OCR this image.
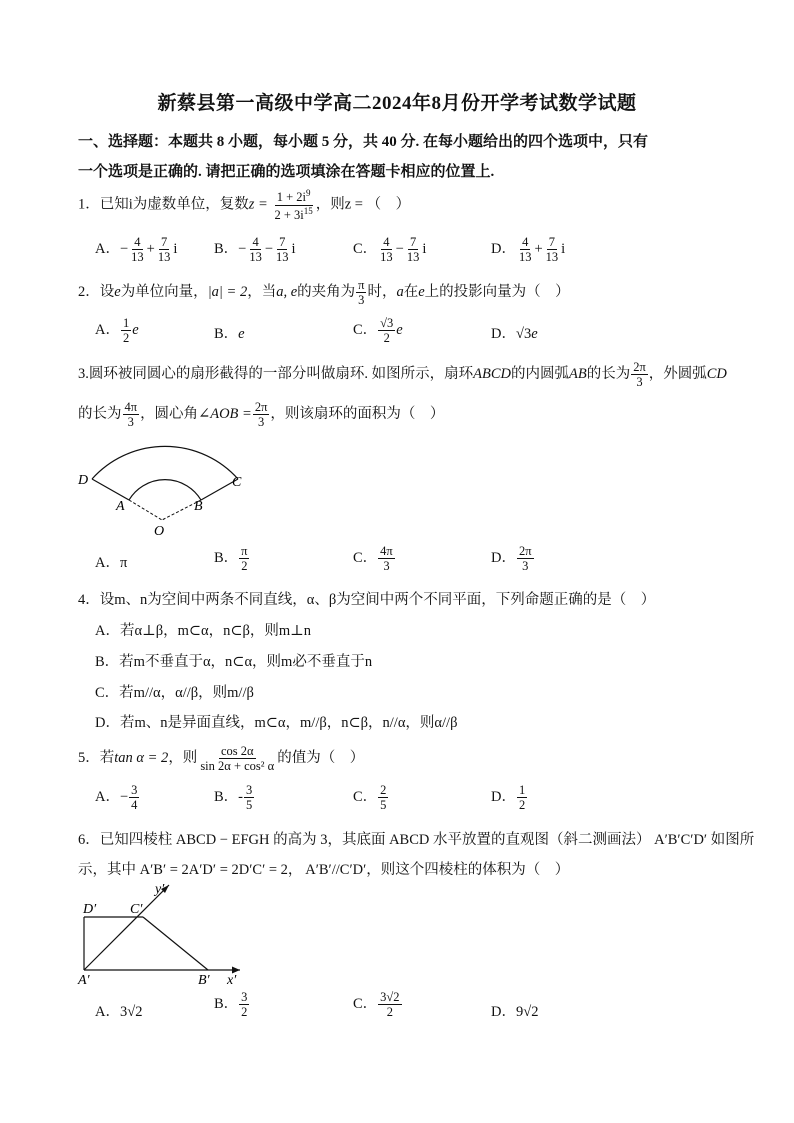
新蔡县第一高级中学高二2024年8月份开学考试数学试题
一、选择题：本题共 8 小题，每小题 5 分，共 40 分. 在每小题给出的四个选项中，只有
一个选项是正确的. 请把正确的选项填涂在答题卡相应的位置上.
1．已知i为虚数单位，复数$z = \frac{1 + 2i^9}{2 + 3i^{15}}$ ，则z = （　）
A．− $\frac{4}{13} + \frac{7}{13}$ i	B．− $\frac{4}{13} - \frac{7}{13}$ i	C． $\frac{4}{13} - \frac{7}{13}$ i	D． $\frac{4}{13} + \frac{7}{13}$ i
2．设e为单位向量，|a| = 2，当a, e的夹角为 $\frac{\pi}{3}$ 时，a在e上的投影向量为（　）
A． $\frac{1}{2}$ e	B．e	C． $\frac{√3}{2}$ e	D．√3e
3.圆环被同圆心的扇形截得的一部分叫做扇环. 如图所示，扇环ABCD的内圆弧AB的长为 $\frac{2\pi}{3}$ ，外圆弧CD
的长为 $\frac{4\pi}{3}$ ，圆心角∠AOB = $\frac{2\pi}{3}$ ，则该扇环的面积为（　）
D	C
A	B
O
A．π	B． $\frac{\pi}{2}$	C． $\frac{4\pi}{3}$	D． $\frac{2\pi}{3}$
4．设m、n为空间中两条不同直线，α、β为空间中两个不同平面，下列命题正确的是（　）
A．若α⊥β，m⊂α，n⊂β，则m⊥n
B．若m不垂直于α，n⊂α，则m必不垂直于n
C．若m//α，α//β，则m//β
D．若m、n是异面直线，m⊂α，m//β，n⊂β，n//α，则α//β
5．若tan α = 2，则 $\frac{\cos 2\alpha}{\text{sin 2α + cos² α}}$ 的值为（　）
A．− $\frac{3}{4}$	B．- $\frac{3}{5}$	C． $\frac{2}{5}$	D． $\frac{1}{2}$
6．已知四棱柱 ABCD − EFGH 的高为 3，其底面 ABCD 水平放置的直观图（斜二测画法） A′B′C′D′ 如图所
示，其中 A′B′ = 2A′D′ = 2D′C′ = 2， A′B′//C′D′，则这个四棱柱的体积为（　）
y′
x′
D′ C′
A′	B′
A．3√2	B． $\frac{3}{2}$	C． $\frac{3√2}{2}$	D．9√2
